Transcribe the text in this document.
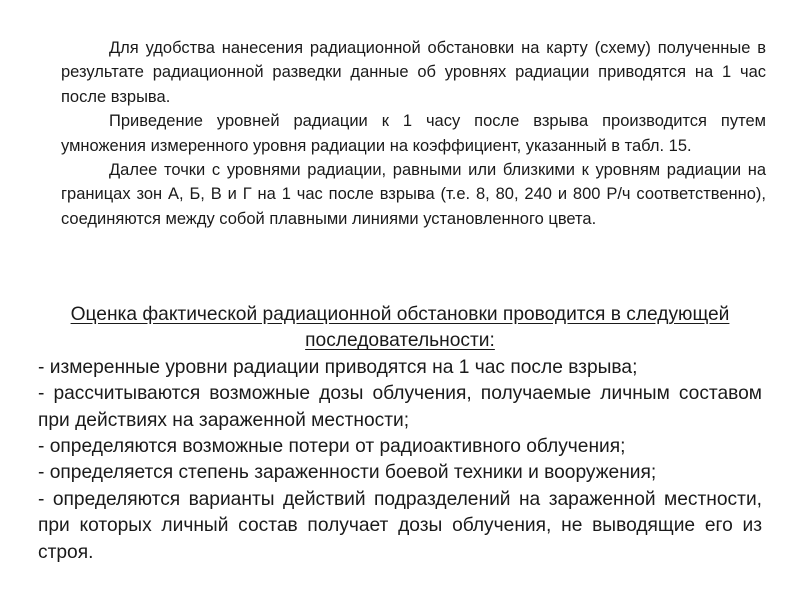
Для удобства нанесения радиационной обстановки на карту (схему) полученные в результате радиационной разведки данные об уровнях радиации приводятся на 1 час после взрыва.

Приведение уровней радиации к 1 часу после взрыва производится путем умножения измеренного уровня радиации на коэффициент, указанный в табл. 15.

Далее точки с уровнями радиации, равными или близкими к уровням радиации на границах зон А, Б, В и Г на 1 час после взрыва (т.е. 8, 80, 240 и 800 Р/ч соответственно), соединяются между собой плавными линиями установленного цвета.

Оценка фактической радиационной обстановки проводится в следующей последовательности:

- измеренные уровни радиации приводятся на 1 час после взрыва;
- рассчитываются возможные дозы облучения, получаемые личным составом при действиях на зараженной местности;
- определяются возможные потери от радиоактивного облучения;
- определяется степень зараженности боевой техники и вооружения;
- определяются варианты действий подразделений на зараженной местности, при которых личный состав получает дозы облучения, не выводящие его из строя.
